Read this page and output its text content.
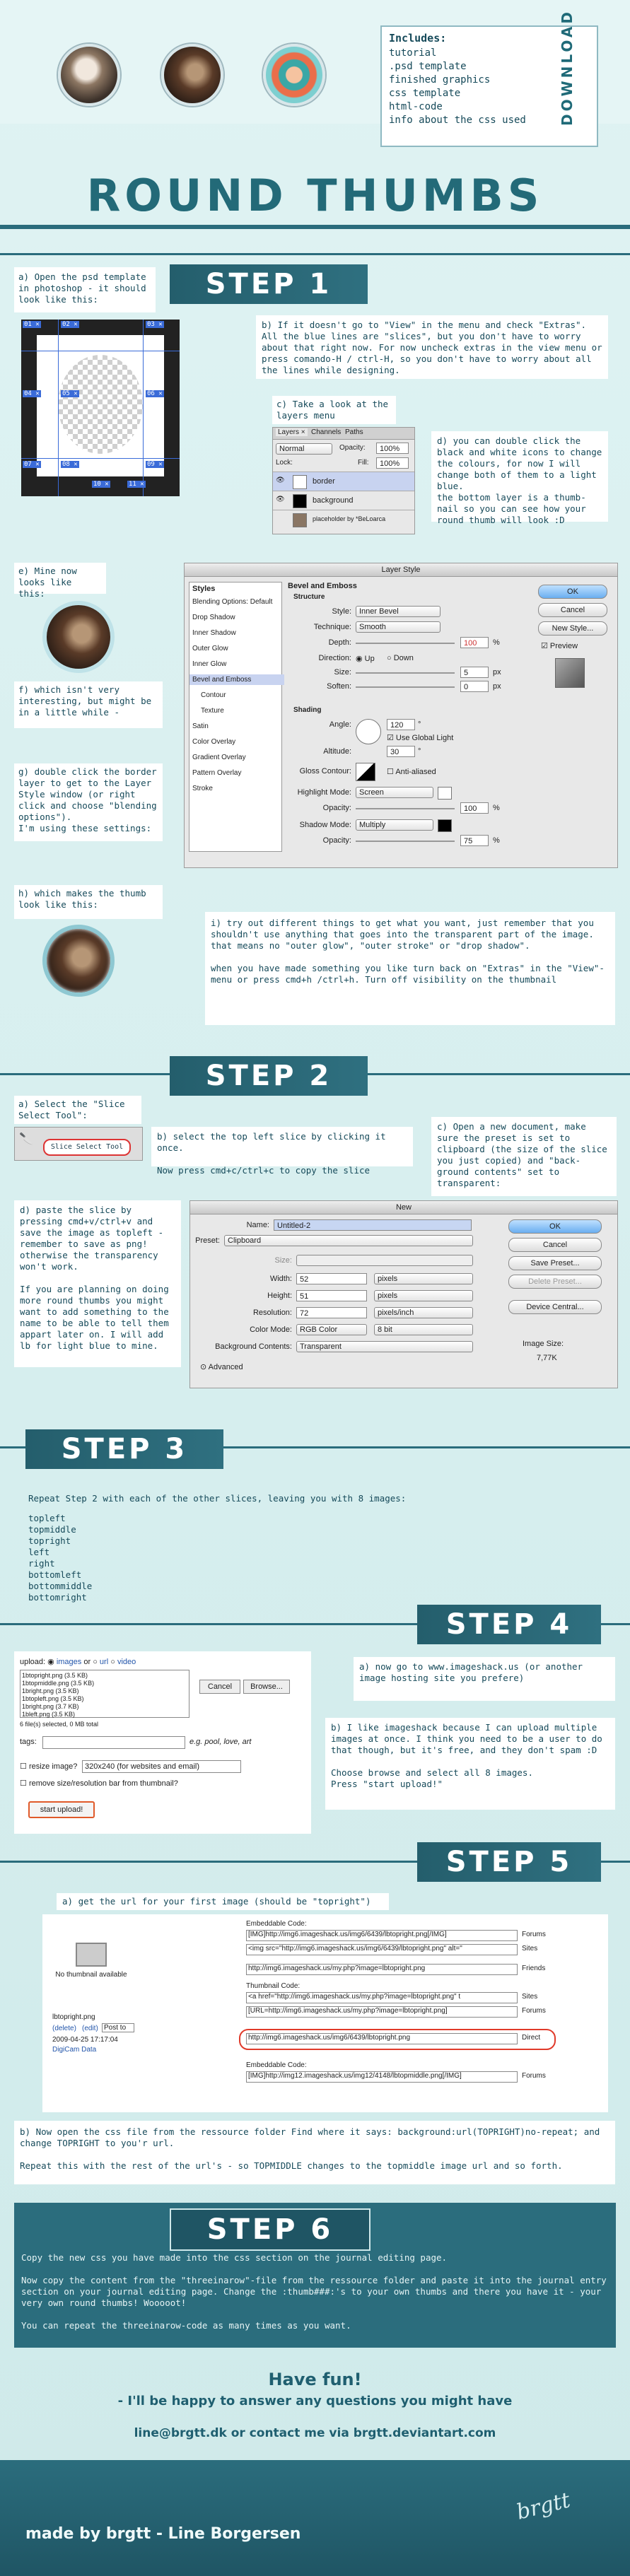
Includes:
tutorial
.psd template
finished graphics
css template
html-code
info about the css used	DOWNLOAD
ROUND THUMBS
STEP 1
a) Open the psd template in photoshop - it should look like this:
01 ✕	02 ✕	03 ✕
04 ✕	05 ✕	06 ✕
07 ✕	08 ✕	09 ✕
10 ✕	11 ✕
b) If it doesn't go to "View" in the menu and check "Extras". All the blue lines are "slices", but you don't have to worry about that right now. For now uncheck extras in the view menu or press comando-H / ctrl-H, so you don't have to worry about all the lines while designing.
c) Take a look at the layers menu
Layers × Channels Paths
Normal	Opacity:	100%
Lock:	Fill:	100%
👁	border
👁	background
placeholder by *BeLoarca
d) you can double click the black and white icons to change the colours, for now I will change both of them to a light blue.
the bottom layer is a thumb-nail so you can see how your round thumb will look :D
e) Mine now looks like this:
f) which isn't very interesting, but might be in a little while -
g) double click the border layer to get to the Layer Style window (or right click and choose "blending options").
I'm using these settings:
Layer Style
Styles
Blending Options: Default
Drop Shadow
Inner Shadow
Outer Glow
Inner Glow
Bevel and Emboss
Contour
Texture
Satin
Color Overlay
Gradient Overlay
Pattern Overlay
Stroke
Bevel and Emboss
Structure
Style:	Inner Bevel
Technique:	Smooth
Depth:	100	%
Direction: ◉ Up ○ Down
Size:	5	px
Soften:	0	px
Shading
Angle:	120	°
☑ Use Global Light
Altitude:	30	°
Gloss Contour:	☐ Anti-aliased
Highlight Mode:	Screen
Opacity:	100	%
Shadow Mode:	Multiply
Opacity:	75	%
OK
Cancel
New Style...
☑ Preview
h) which makes the thumb look like this:
i) try out different things to get what you want, just remember that you shouldn't use anything that goes into the transparent part of the image. that means no "outer glow", "outer stroke" or "drop shadow".

when you have made something you like turn back on "Extras" in the "View"-menu or press cmd+h /ctrl+h. Turn off visibility on the thumbnail
STEP 2
a) Select the "Slice Select Tool":
🔪
Slice Select Tool
b) select the top left slice by clicking it once.

Now press cmd+c/ctrl+c to copy the slice
c) Open a new document, make sure the preset is set to clipboard (the size of the slice you just copied) and "back-ground contents" set to transparent:
d) paste the slice by pressing cmd+v/ctrl+v and save the image as topleft - remember to save as png! otherwise the transparency won't work.

If you are planning on doing more round thumbs you might want to add something to the name to be able to tell them appart later on. I will add lb for light blue to mine.
New
Name:	Untitled-2
Preset:	Clipboard
Size:
Width:	52	pixels
Height:	51	pixels
Resolution:	72	pixels/inch
Color Mode:	RGB Color	8 bit
Background Contents:	Transparent
⊙ Advanced
OK
Cancel
Save Preset...
Delete Preset...
Device Central...
Image Size:
7,77K
STEP 3
Repeat Step 2 with each of the other slices, leaving you with 8 images:
topleft
topmiddle
topright
left
right
bottomleft
bottommiddle
bottomright
STEP 4
a) now go to www.imageshack.us (or another image hosting site you prefere)
upload: ◉ images or ○ url ○ video
1btopright.png (3.5 KB)
1btopmiddle.png (3.5 KB)
1bright.png (3.5 KB)
1btopleft.png (3.5 KB)
1bright.png (3.7 KB)
1bleft.png (3.5 KB)
6 file(s) selected, 0 MB total
Cancel	Browse...
tags:	e.g. pool, love, art
☐ resize image? 320x240 (for websites and email)
☐ remove size/resolution bar from thumbnail?
start upload!
b) I like imageshack because I can upload multiple images at once. I think you need to be a user to do that though, but it's free, and they don't spam :D

Choose browse and select all 8 images.
Press "start upload!"
STEP 5
a) get the url for your first image (should be "topright")
No thumbnail available
lbtopright.png
(delete) (edit) Post to
2009-04-25 17:17:04
DigiCam Data
Embeddable Code:
[IMG]http://img6.imageshack.us/img6/6439/lbtopright.png[/IMG]	Forums
<img src="http://img6.imageshack.us/img6/6439/lbtopright.png" alt="	Sites
http://img6.imageshack.us/my.php?image=lbtopright.png	Friends
Thumbnail Code:
<a href="http://img6.imageshack.us/my.php?image=lbtopright.png" t	Sites
[URL=http://img6.imageshack.us/my.php?image=lbtopright.png]	Forums
http://img6.imageshack.us/img6/6439/lbtopright.png	Direct
Embeddable Code:
[IMG]http://img12.imageshack.us/img12/4148/lbtopmiddle.png[/IMG]	Forums
b) Now open the css file from the ressource folder Find where it says: background:url(TOPRIGHT)no-repeat; and change TOPRIGHT to you'r url.

Repeat this with the rest of the url's - so TOPMIDDLE changes to the topmiddle image url and so forth.
STEP 6
Copy the new css you have made into the css section on the journal editing page.

Now copy the content from the "threeinarow"-file from the ressource folder and paste it into the journal entry section on your journal editing page. Change the :thumb###:'s to your own thumbs and there you have it - your very own round thumbs! Wooooot!

You can repeat the threeinarow-code as many times as you want.
Have fun!
- I'll be happy to answer any questions you might have
line@brgtt.dk or contact me via brgtt.deviantart.com
made by brgtt - Line Borgersen
brgtt
